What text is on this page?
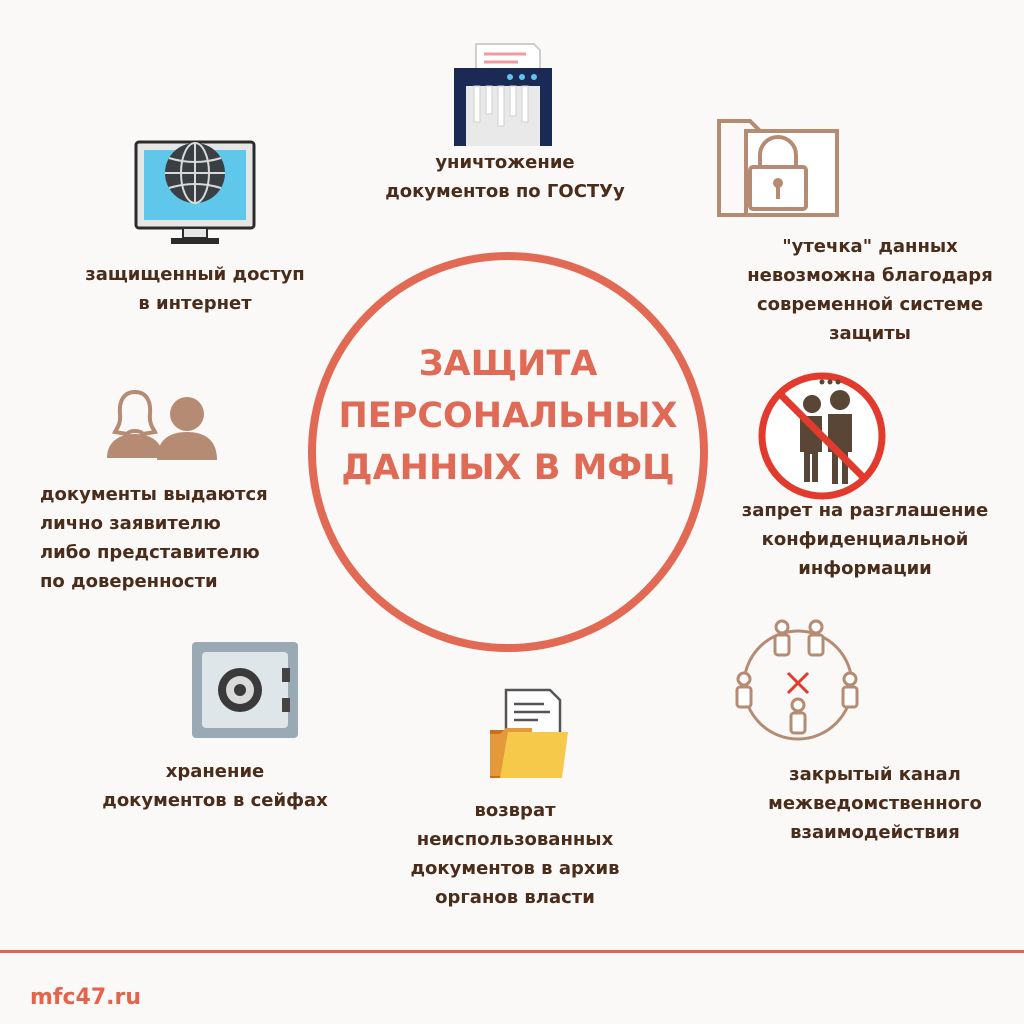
ЗАЩИТА
ПЕРСОНАЛЬНЫХ
ДАННЫХ В МФЦ
защищенный доступ
в интернет
уничтожение
документов по ГОСТУу
"утечка" данных
невозможна благодаря
современной системе
защиты
документы выдаются
лично заявителю
либо представителю
по доверенности
запрет на разглашение
конфиденциальной
информации
хранение
документов в сейфах	возврат
неиспользованных
документов в архив
органов власти
закрытый канал
межведомственного
взаимодействия
mfc47.ru
